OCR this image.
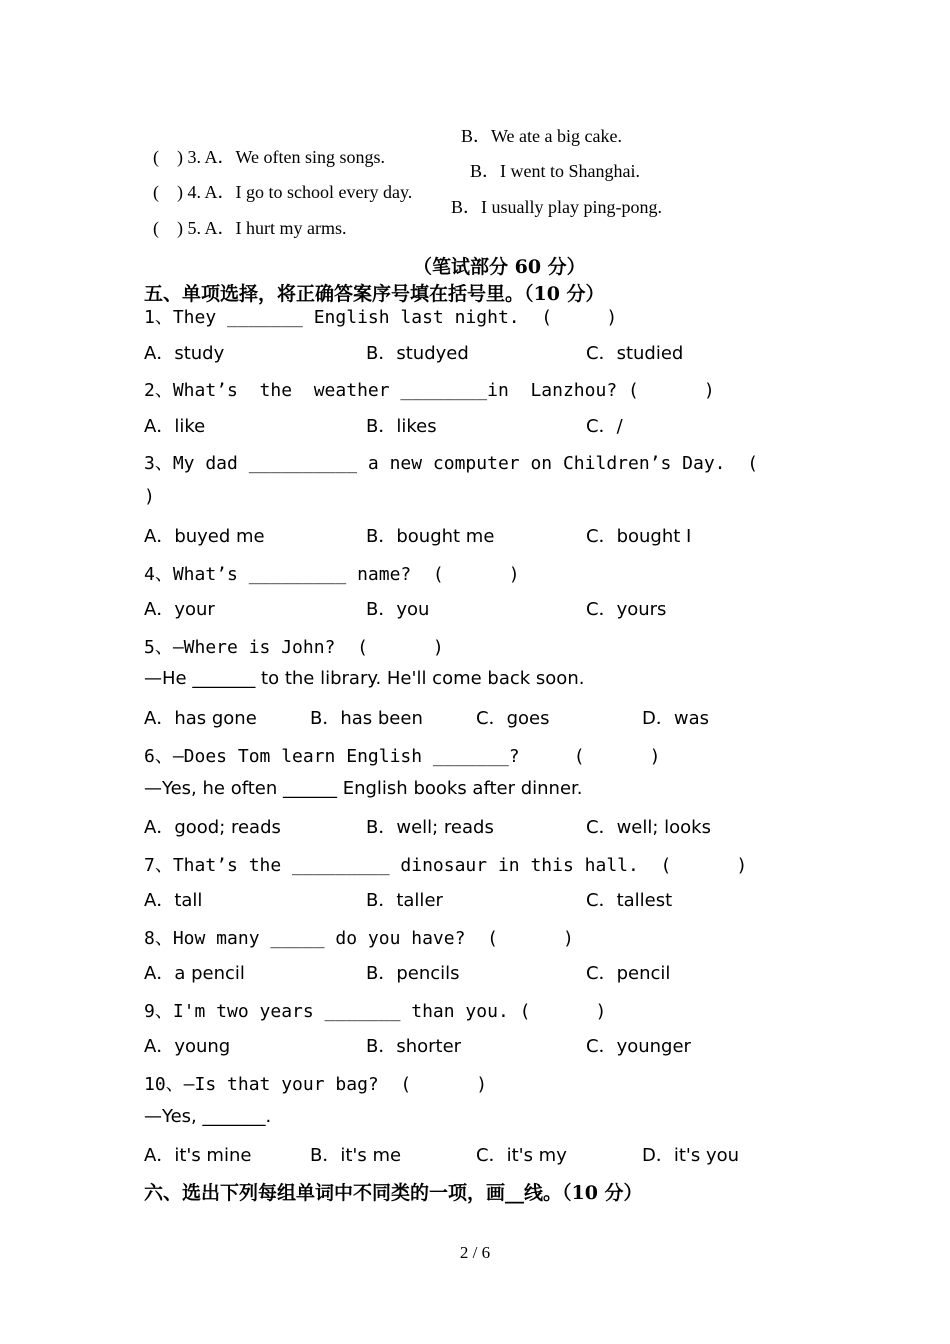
(    ) 3. A．We often sing songs.

B．We ate a big cake.

(    ) 4. A．I go to school every day.

B．I went to Shanghai.

(    ) 5. A．I hurt my arms.

B．I usually play ping-pong.
（笔试部分 60 分）
五、单项选择，将正确答案序号填在括号里。（10 分）
1、They _______ English last night.  (     )
A．study	B．studyed	C．studied
2、What’s  the  weather ________in  Lanzhou? (      )
A．like	B．likes	C．/
3、My dad __________ a new computer on Children’s Day.  (
)
A．buyed me	B．bought me	C．bought I
4、What’s _________ name?  (      )
A．your	B．you	C．yours
5、—Where is John?  (      )
—He _______ to the library. He'll come back soon.
A．has gone	B．has been	C．goes	D．was
6、—Does Tom learn English _______?     (      )
—Yes, he often ______ English books after dinner.
A．good; reads	B．well; reads	C．well; looks
7、That’s the _________ dinosaur in this hall.  (      )
A．tall	B．taller	C．tallest
8、How many _____ do you have?  (      )
A．a pencil	B．pencils	C．pencil
9、I'm two years _______ than you. (      )
A．young	B．shorter	C．younger
10、—Is that your bag?  (      )
—Yes, _______.
A．it's mine	B．it's me	C．it's my	D．it's you
六、选出下列每组单词中不同类的一项，画__线。（10 分）
2 / 6
